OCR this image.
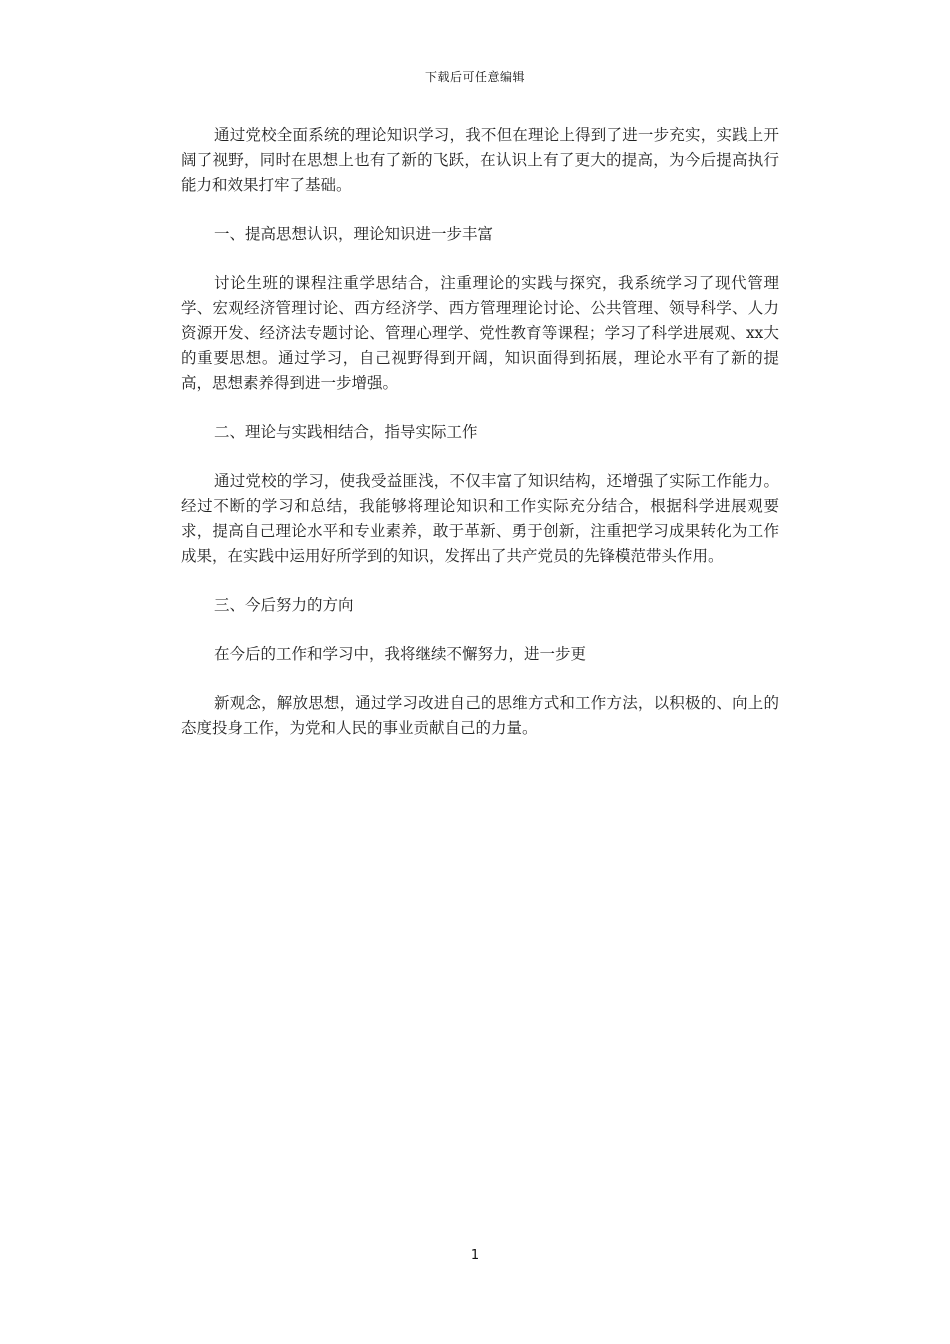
下载后可任意编辑

通过党校全面系统的理论知识学习，我不但在理论上得到了进一步充实，实践上开阔了视野，同时在思想上也有了新的飞跃，在认识上有了更大的提高，为今后提高执行能力和效果打牢了基础。

一、提高思想认识，理论知识进一步丰富

讨论生班的课程注重学思结合，注重理论的实践与探究，我系统学习了现代管理学、宏观经济管理讨论、西方经济学、西方管理理论讨论、公共管理、领导科学、人力资源开发、经济法专题讨论、管理心理学、党性教育等课程；学习了科学进展观、xx大的重要思想。通过学习，自己视野得到开阔，知识面得到拓展，理论水平有了新的提高，思想素养得到进一步增强。

二、理论与实践相结合，指导实际工作

通过党校的学习，使我受益匪浅，不仅丰富了知识结构，还增强了实际工作能力。经过不断的学习和总结，我能够将理论知识和工作实际充分结合，根据科学进展观要求，提高自己理论水平和专业素养，敢于革新、勇于创新，注重把学习成果转化为工作成果，在实践中运用好所学到的知识，发挥出了共产党员的先锋模范带头作用。

三、今后努力的方向

在今后的工作和学习中，我将继续不懈努力，进一步更

新观念，解放思想，通过学习改进自己的思维方式和工作方法，以积极的、向上的态度投身工作，为党和人民的事业贡献自己的力量。

1
